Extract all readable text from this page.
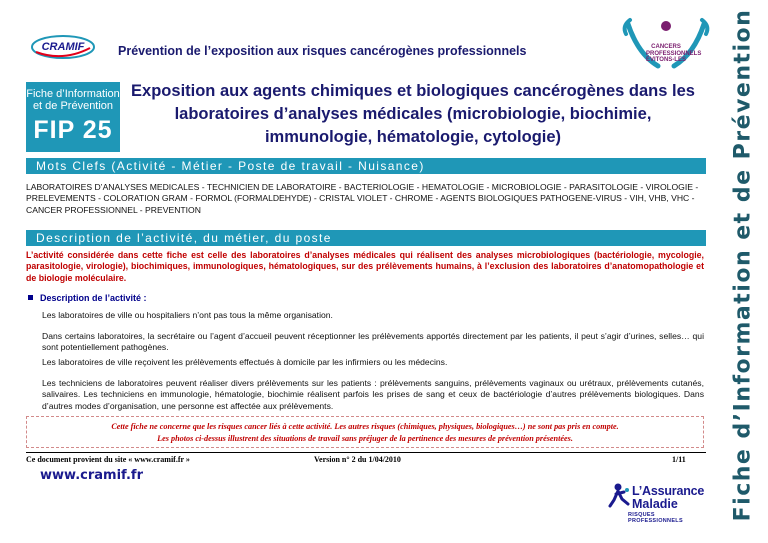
CRAMIF	Prévention de l’exposition aux risques cancérogènes professionnels	CANCERS PROFESSIONNELS ÉVITONS-LES Fiche d’Information et de Prévention
Fiche d’Information et de Prévention
FIP 25
Exposition aux agents chimiques et biologiques cancérogènes dans les laboratoires d’analyses médicales (microbiologie, biochimie, immunologie, hématologie, cytologie)
Mots Clefs (Activité - Métier - Poste de travail - Nuisance)
LABORATOIRES D’ANALYSES MEDICALES - TECHNICIEN DE LABORATOIRE - BACTERIOLOGIE - HEMATOLOGIE - MICROBIOLOGIE - PARASITOLOGIE - VIROLOGIE - PRELEVEMENTS - COLORATION GRAM - FORMOL (FORMALDEHYDE) - CRISTAL VIOLET - CHROME - AGENTS BIOLOGIQUES PATHOGENE-VIRUS - VIH, VHB, VHC - CANCER PROFESSIONNEL - PREVENTION
Description de l’activité, du métier, du poste
L’activité considérée dans cette fiche est celle des laboratoires d’analyses médicales qui réalisent des analyses microbiologiques (bactériologie, mycologie, parasitologie, virologie), biochimiques, immunologiques, hématologiques, sur des prélèvements humains, à l’exclusion des laboratoires d’anatomopathologie et de biologie moléculaire.
Description de l’activité :
Les laboratoires de ville ou hospitaliers n’ont pas tous la même organisation.
Dans certains laboratoires, la secrétaire ou l’agent d’accueil peuvent réceptionner les prélèvements apportés directement par les patients, il peut s’agir d’urines, selles… qui sont potentiellement pathogènes.
Les laboratoires de ville reçoivent les prélèvements effectués à domicile par les infirmiers ou les médecins.
Les techniciens de laboratoires peuvent réaliser divers prélèvements sur les patients : prélèvements sanguins, prélèvements vaginaux ou urétraux, prélèvements cutanés, salivaires. Les techniciens en immunologie, hématologie, biochimie réalisent parfois les prises de sang et ceux de bactériologie d’autres prélèvements biologiques. Dans d’autres modes d’organisation, une personne est affectée aux prélèvements.
Cette fiche ne concerne que les risques cancer liés à cette activité. Les autres risques (chimiques, physiques, biologiques…) ne sont pas pris en compte.
Les photos ci-dessus illustrent des situations de travail sans préjuger de la pertinence des mesures de prévention présentées.
Ce document provient du site « www.cramif.fr »	Version n° 2 du 1/04/2010	1/11
www.cramif.fr
L’Assurance
Maladie
RISQUES PROFESSIONNELS
